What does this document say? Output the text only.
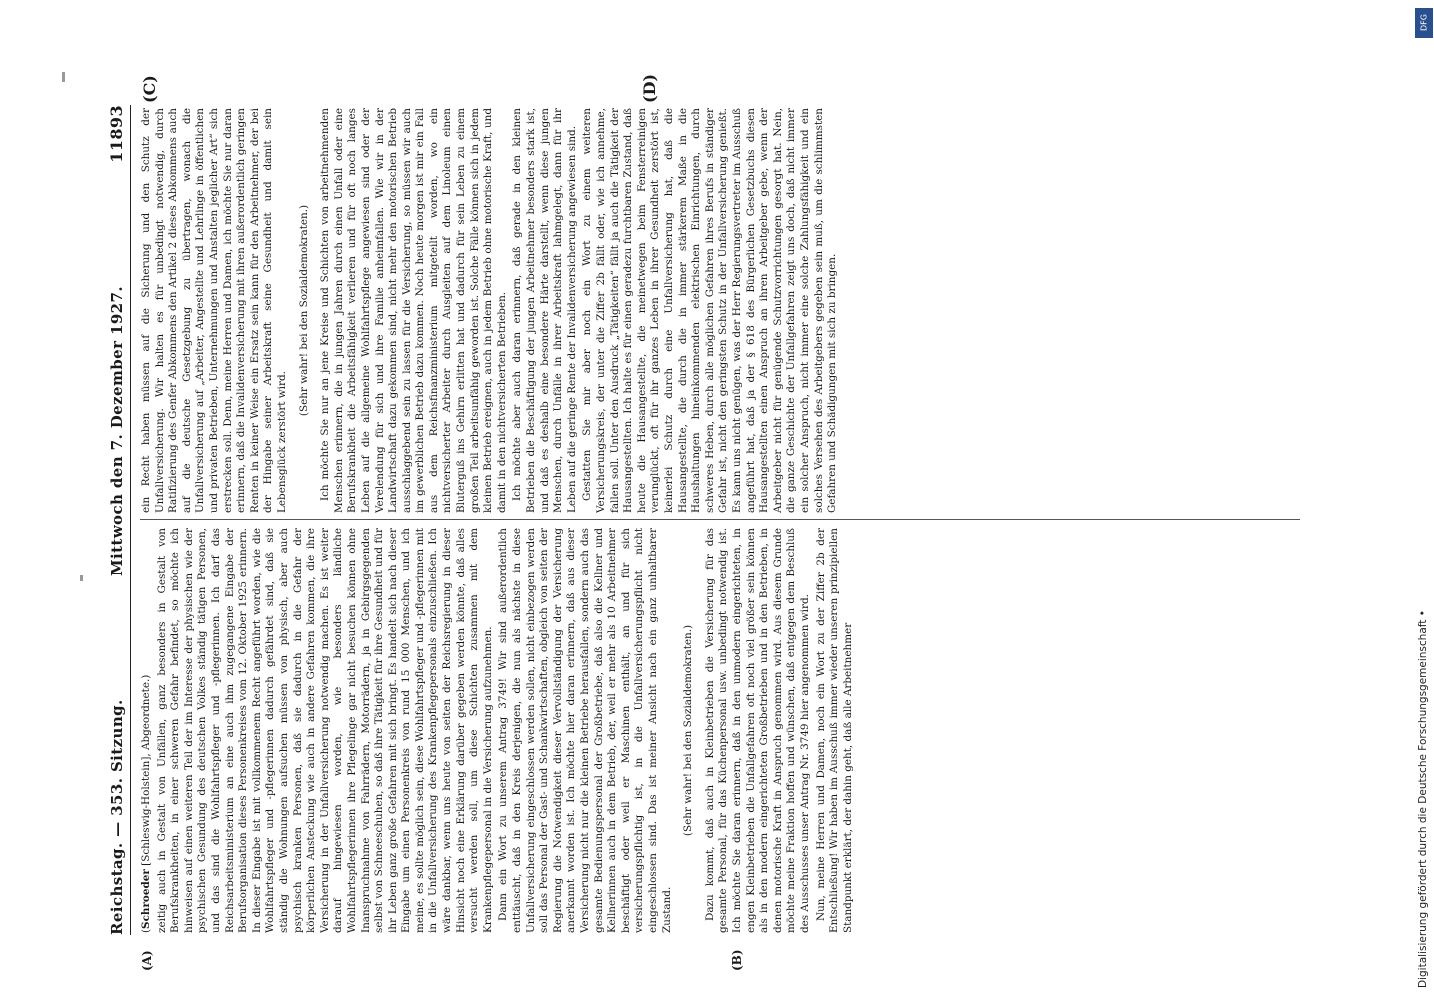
Reichstag. — 353. Sitzung.
Mittwoch den 7. Dezember 1927.
11893
(A)	(B)
(C)	(D)

(Schroeder [Schleswig-Holstein], Abgeordnete.) zeitig auch in Gestalt von Unfällen, ganz besonders in Gestalt von Berufskrankheiten, in einer schweren Gefahr befindet, so möchte ich hinweisen auf einen weiteren Teil der im Interesse der physischen wie der psychischen Gesundung des deutschen Volkes ständig tätigen Personen, und das sind die Wohlfahrtspfleger und -pflegerinnen. Ich darf das Reichsarbeitsministerium an eine auch ihm zugegangene Eingabe der Berufsorganisation dieses Personenkreises vom 12. Oktober 1925 erinnern. In dieser Eingabe ist mit vollkommenem Recht angeführt worden, wie die Wohlfahrtspfleger und -pflegerinnen dadurch gefährdet sind, daß sie ständig die Wohnungen aufsuchen müssen von physisch, aber auch psychisch kranken Personen, daß sie dadurch in die Gefahr der körperlichen Ansteckung wie auch in andere Gefahren kommen, die ihre Versicherung in der Unfallversicherung notwendig machen. Es ist weiter darauf hingewiesen worden, wie besonders ländliche Wohlfahrtspflegerinnen ihre Pflegelinge gar nicht besuchen können ohne Inanspruchnahme von Fahrrädern, Motorrädern, ja in Gebirgsgegenden selbst von Schneeschuhen, so daß ihre Tätigkeit für ihre Gesundheit und für ihr Leben ganz große Gefahren mit sich bringt. Es handelt sich nach dieser Eingabe um einen Personenkreis von rund 15 000 Menschen, und ich meine, es sollte möglich sein, diese Wohlfahrtspfleger und -pflegerinnen mit in die Unfallversicherung des Krankenpflegepersonals einzuschließen. Ich wäre dankbar, wenn uns heute von seiten der Reichsregierung in dieser Hinsicht noch eine Erklärung darüber gegeben werden könnte, daß alles versucht werden soll, um diese Schichten zusammen mit dem Krankenpflegepersonal in die Versicherung aufzunehmen. Dann ein Wort zu unserem Antrag 3749! Wir sind außerordentlich enttäuscht, daß in den Kreis derjenigen, die nun als nächste in diese Unfallversicherung eingeschlossen werden sollen, nicht einbezogen werden soll das Personal der Gast- und Schankwirtschaften, obgleich von seiten der Regierung die Notwendigkeit dieser Vervollständigung der Versicherung anerkannt worden ist. Ich möchte hier daran erinnern, daß aus dieser Versicherung nicht nur die kleinen Betriebe herausfallen, sondern auch das gesamte Bedienungspersonal der Großbetriebe, daß also die Kellner und Kellnerinnen auch in dem Betrieb, der, weil er mehr als 10 Arbeitnehmer beschäftigt oder weil er Maschinen enthält, an und für sich versicherungspflichtig ist, in die Unfallversicherungspflicht nicht eingeschlossen sind. Das ist meiner Ansicht nach ein ganz unhaltbarer Zustand.

(Sehr wahr! bei den Sozialdemokraten.) Dazu kommt, daß auch in Kleinbetrieben die Versicherung für das gesamte Personal, für das Küchenpersonal usw. unbedingt notwendig ist. Ich möchte Sie daran erinnern, daß in den unmodern eingerichteten, in engen Kleinbetrieben die Unfallgefahren oft noch viel größer sein können als in den modern eingerichteten Großbetrieben und in den Betrieben, in denen motorische Kraft in Anspruch genommen wird. Aus diesem Grunde möchte meine Fraktion hoffen und wünschen, daß entgegen dem Beschluß des Ausschusses unser Antrag Nr. 3749 hier angenommen wird. Nun, meine Herren und Damen, noch ein Wort zu der Ziffer 2b der Entschließung! Wir haben im Ausschuß immer wieder unseren prinzipiellen Standpunkt erklärt, der dahin geht, daß alle Arbeitnehmer

ein Recht haben müssen auf die Sicherung und den Schutz der Unfallversicherung. Wir halten es für unbedingt notwendig, durch Ratifizierung des Genfer Abkommens den Artikel 2 dieses Abkommens auch auf die deutsche Gesetzgebung zu übertragen, wonach die Unfallversicherung auf „Arbeiter, Angestellte und Lehrlinge in öffentlichen und privaten Betrieben, Unternehmungen und Anstalten jeglicher Art“ sich erstrecken soll. Denn, meine Herren und Damen, ich möchte Sie nur daran erinnern, daß die Invalidenversicherung mit ihren außerordentlich geringen Renten in keiner Weise ein Ersatz sein kann für den Arbeitnehmer, der bei der Hingabe seiner Arbeitskraft seine Gesundheit und damit sein Lebensglück zerstört wird.

(Sehr wahr! bei den Sozialdemokraten.) Ich möchte Sie nur an jene Kreise und Schichten von arbeitnehmenden Menschen erinnern, die in jungen Jahren durch einen Unfall oder eine Berufskrankheit die Arbeitsfähigkeit verlieren und für oft noch langes Leben auf die allgemeine Wohlfahrtspflege angewiesen sind oder der Verelendung für sich und ihre Familie anheimfallen. Wie wir in der Landwirtschaft dazu gekommen sind, nicht mehr den motorischen Betrieb ausschlaggebend sein zu lassen für die Versicherung, so müssen wir auch im gewerblichen Betrieb dazu kommen. Noch heute morgen ist mir ein Fall aus dem Reichsfinanzministerium mitgeteilt worden, wo ein nichtversicherter Arbeiter durch Ausgleiten auf dem Linoleum einen Bluterguß ins Gehirn erlitten hat und dadurch für sein Leben zu einem großen Teil arbeitsunfähig geworden ist. Solche Fälle können sich in jedem kleinen Betrieb ereignen, auch in jedem Betrieb ohne motorische Kraft, und damit in den nichtversicherten Betrieben. Ich möchte aber auch daran erinnern, daß gerade in den kleinen Betrieben die Beschäftigung der jungen Arbeitnehmer besonders stark ist, und daß es deshalb eine besondere Härte darstellt, wenn diese jungen Menschen, durch Unfälle in ihrer Arbeitskraft lahmgelegt, dann für ihr Leben auf die geringe Rente der Invalidenversicherung angewiesen sind. Gestatten Sie mir aber noch ein Wort zu einem weiteren Versicherungskreis, der unter die Ziffer 2b fällt oder, wie ich annehme, fallen soll. Unter den Ausdruck „Tätigkeiten“ fällt ja auch die Tätigkeit der Hausangestellten. Ich halte es für einen geradezu furchtbaren Zustand, daß heute die Hausangestellte, die meinetwegen beim Fensterreinigen verunglückt, oft für ihr ganzes Leben in ihrer Gesundheit zerstört ist, keinerlei Schutz durch eine Unfallversicherung hat, daß die Hausangestellte, die durch die in immer stärkerem Maße in die Haushaltungen hineinkommenden elektrischen Einrichtungen, durch schweres Heben, durch alle möglichen Gefahren ihres Berufs in ständiger Gefahr ist, nicht den geringsten Schutz in der Unfallversicherung genießt. Es kann uns nicht genügen, was der Herr Regierungsvertreter im Ausschuß angeführt hat, daß ja der § 618 des Bürgerlichen Gesetzbuchs diesen Hausangestellten einen Anspruch an ihren Arbeitgeber gebe, wenn der Arbeitgeber nicht für genügende Schutzvorrichtungen gesorgt hat. Nein, die ganze Geschichte der Unfallgefahren zeigt uns doch, daß nicht immer ein solcher Anspruch, nicht immer eine solche Zahlungsfähigkeit und ein solches Versehen des Arbeitgebers gegeben sein muß, um die schlimmsten Gefahren und Schädigungen mit sich zu bringen.

DFG
Digitalisierung gefördert durch die Deutsche Forschungsgemeinschaft •
